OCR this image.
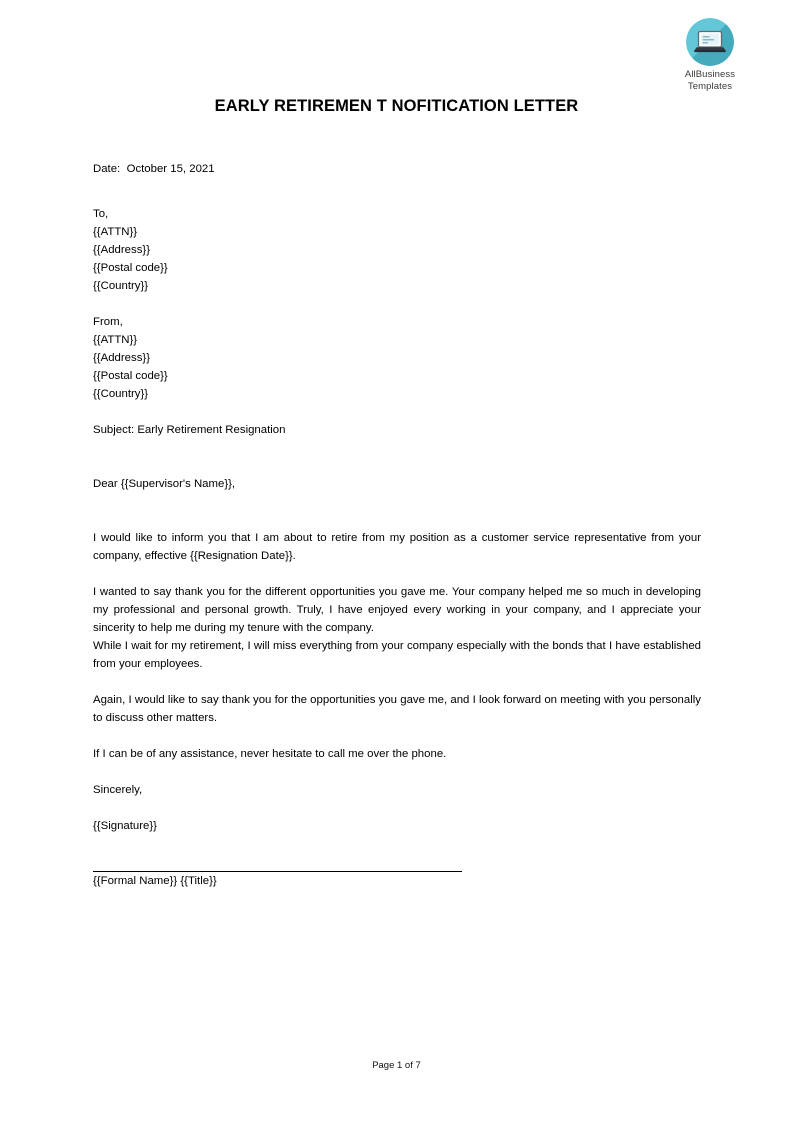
AllBusiness
Templates
EARLY RETIREMEN T NOFITICATION LETTER
Date: October 15, 2021
To,
{{ATTN}}
{{Address}}
{{Postal code}}
{{Country}}
From,
{{ATTN}}
{{Address}}
{{Postal code}}
{{Country}}
Subject: Early Retirement Resignation
Dear {{Supervisor's Name}},

I would like to inform you that I am about to retire from my position as a customer service representative from your company, effective {{Resignation Date}}.

I wanted to say thank you for the different opportunities you gave me. Your company helped me so much in developing my professional and personal growth. Truly, I have enjoyed every working in your company, and I appreciate your sincerity to help me during my tenure with the company.

While I wait for my retirement, I will miss everything from your company especially with the bonds that I have established from your employees.

Again, I would like to say thank you for the opportunities you gave me, and I look forward on meeting with you personally to discuss other matters.

If I can be of any assistance, never hesitate to call me over the phone.

Sincerely,
{{Signature}}
{{Formal Name}} {{Title}}
Page 1 of 7
